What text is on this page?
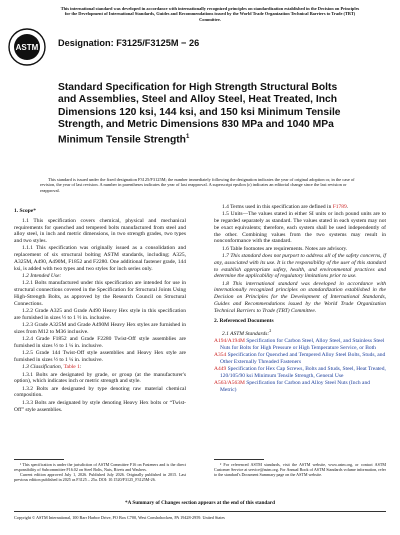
This international standard was developed in accordance with internationally recognized principles on standardization established in the Decision on Principles for the Development of International Standards, Guides and Recommendations issued by the World Trade Organization Technical Barriers to Trade (TBT) Committee.
ASTM Designation: F3125/F3125M − 26
Standard Specification for High Strength Structural Bolts and Assemblies, Steel and Alloy Steel, Heat Treated, Inch Dimensions 120 ksi, 144 ksi, and 150 ksi Minimum Tensile Strength, and Metric Dimensions 830 MPa and 1040 MPa Minimum Tensile Strength$^1$
This standard is issued under the fixed designation F3125/F3125M; the number immediately following the designation indicates the year of original adoption or, in the case of revision, the year of last revision. A number in parentheses indicates the year of last reapproval. A superscript epsilon (ε) indicates an editorial change since the last revision or reapproval.
1. Scope*

1.1 This specification covers chemical, physical and mechanical requirements for quenched and tempered bolts manufactured from steel and alloy steel, in inch and metric dimensions, in two strength grades, two types and two styles.

1.1.1 This specification was originally issued as a consolidation and replacement of six structural bolting ASTM standards, including; A325, A325M, A490, A490M, F1852 and F2280. One additional fastener grade, 144 ksi, is added with two types and two styles for inch series only.

1.2 Intended Use:

1.2.1 Bolts manufactured under this specification are intended for use in structural connections covered in the Specification for Structural Joints Using High-Strength Bolts, as approved by the Research Council on Structural Connections.

1.2.2 Grade A325 and Grade A490 Heavy Hex style in this specification are furnished in sizes ½ to 1 ½ in. inclusive.

1.2.3 Grade A325M and Grade A490M Heavy Hex styles are furnished in sizes from M12 to M36 inclusive.

1.2.4 Grade F1852 and Grade F2280 Twist-Off style assemblies are furnished in sizes ½ to 1 ¼ in. inclusive.

1.2.5 Grade 144 Twist-Off style assemblies and Heavy Hex style are furnished in sizes ½ to 1 ¼ in. inclusive.

1.3 Classification, Table 1:

1.3.1 Bolts are designated by grade, or group (at the manufacturer's option), which indicates inch or metric strength and style.

1.3.2 Bolts are designated by type denoting raw material chemical composition.

1.3.3 Bolts are designated by style denoting Heavy Hex bolts or “Twist-Off” style assemblies.

¹ This specification is under the jurisdiction of ASTM Committee F16 on Fasteners and is the direct responsibility of Subcommittee F16.02 on Steel Bolts, Nuts, Rivets and Washers.
Current edition approved July 1, 2026. Published July 2026. Originally published in 2015. Last previous edition published in 2025 as F3125 – 25a. DOI: 10.1520/F3125_F3125M-26.

1.4 Terms used in this specification are defined in F1789.

1.5 Units—The values stated in either SI units or inch pound units are to be regarded separately as standard. The values stated in each system may not be exact equivalents; therefore, each system shall be used independently of the other. Combining values from the two systems may result in nonconformance with the standard.

1.6 Table footnotes are requirements. Notes are advisory.

1.7 This standard does not purport to address all of the safety concerns, if any, associated with its use. It is the responsibility of the user of this standard to establish appropriate safety, health, and environmental practices and determine the applicability of regulatory limitations prior to use.

1.8 This international standard was developed in accordance with internationally recognized principles on standardization established in the Decision on Principles for the Development of International Standards, Guides and Recommendations issued by the World Trade Organization Technical Barriers to Trade (TBT) Committee.

2. Referenced Documents

2.1 ASTM Standards:$^2$

A194/A194M Specification for Carbon Steel, Alloy Steel, and Stainless Steel Nuts for Bolts for High Pressure or High Temperature Service, or Both
A354 Specification for Quenched and Tempered Alloy Steel Bolts, Studs, and Other Externally Threaded Fasteners
A449 Specification for Hex Cap Screws, Bolts and Studs, Steel, Heat Treated, 120/105/90 ksi Minimum Tensile Strength, General Use
A563/A563M Specification for Carbon and Alloy Steel Nuts (Inch and Metric)
² For referenced ASTM standards, visit the ASTM website, www.astm.org, or contact ASTM Customer Service at service@astm.org. For Annual Book of ASTM Standards volume information, refer to the standard's Document Summary page on the ASTM website.
*A Summary of Changes section appears at the end of this standard
Copyright © ASTM International, 100 Barr Harbor Drive, PO Box C700, West Conshohocken, PA 19428-2959. United States
